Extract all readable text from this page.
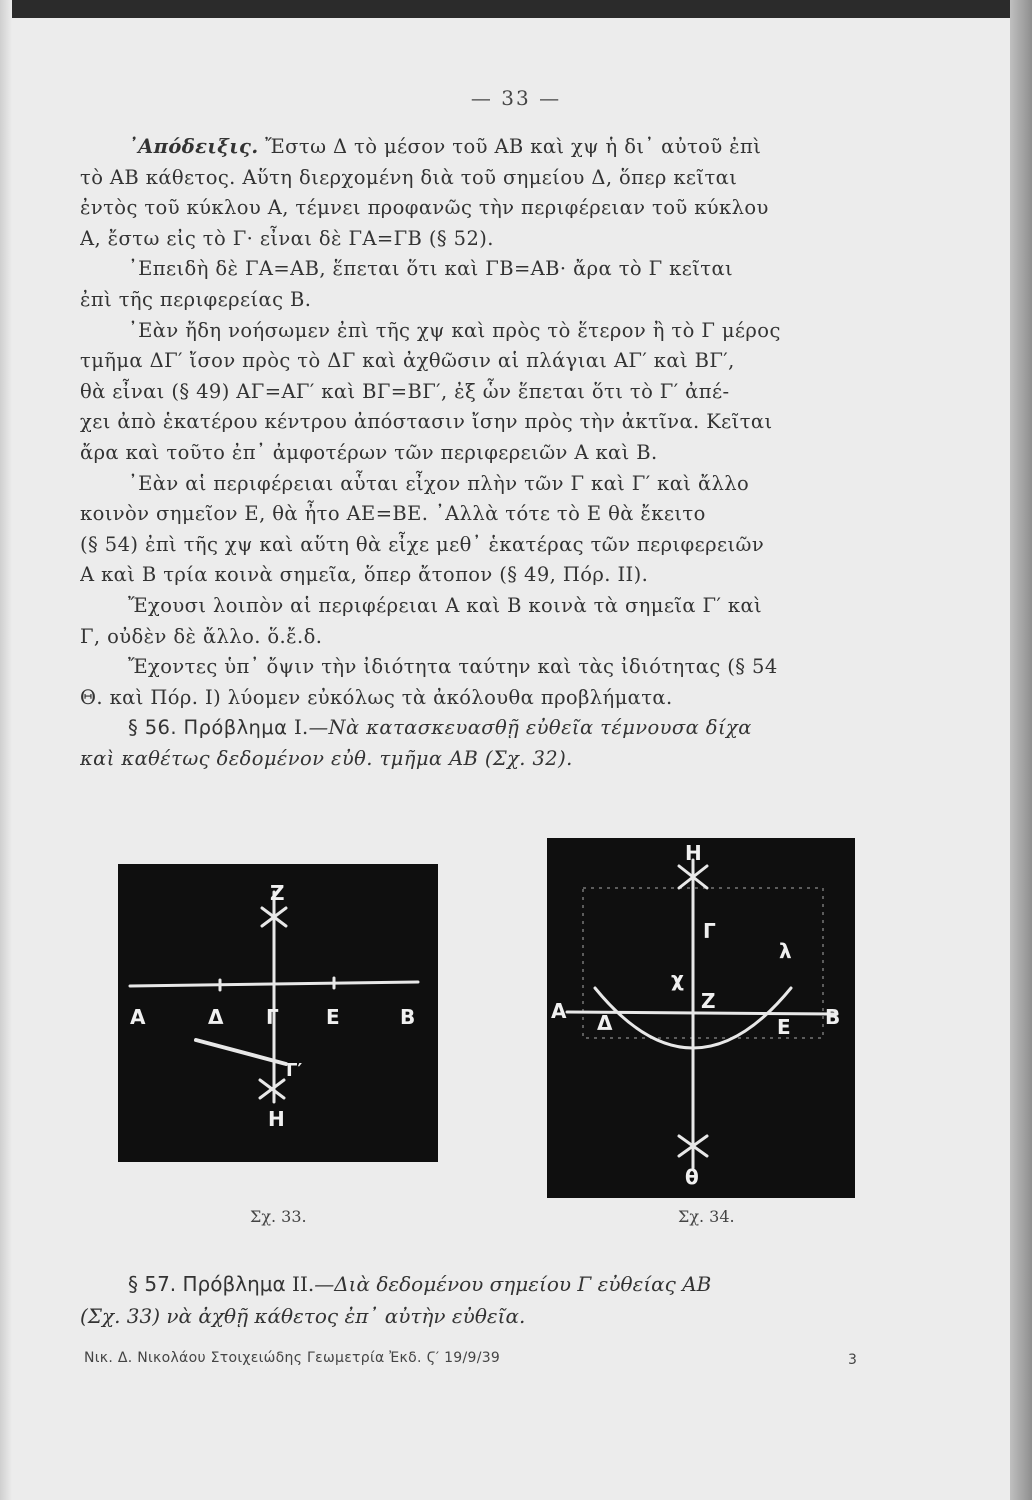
— 33 —
᾿Απόδειξις. Ἔστω Δ τὸ μέσον τοῦ ΑΒ καὶ χψ ἡ δι᾿ αὐτοῦ ἐπὶ
τὸ ΑΒ κάθετος. Αὕτη διερχομένη διὰ τοῦ σημείου Δ, ὅπερ κεῖται
ἐντὸς τοῦ κύκλου Α, τέμνει προφανῶς τὴν περιφέρειαν τοῦ κύκλου
Α, ἔστω εἰς τὸ Γ· εἶναι δὲ ΓΑ=ΓΒ (§ 52).
᾿Επειδὴ δὲ ΓΑ=ΑΒ, ἕπεται ὅτι καὶ ΓΒ=ΑΒ· ἄρα τὸ Γ κεῖται
ἐπὶ τῆς περιφερείας Β.
᾿Εὰν ἤδη νοήσωμεν ἐπὶ τῆς χψ καὶ πρὸς τὸ ἕτερον ἢ τὸ Γ μέρος
τμῆμα ΔΓ′ ἴσον πρὸς τὸ ΔΓ καὶ ἀχθῶσιν αἱ πλάγιαι ΑΓ′ καὶ ΒΓ′,
θὰ εἶναι (§ 49) ΑΓ=ΑΓ′ καὶ ΒΓ=ΒΓ′, ἐξ ὧν ἕπεται ὅτι τὸ Γ′ ἀπέ-
χει ἀπὸ ἑκατέρου κέντρου ἀπόστασιν ἴσην πρὸς τὴν ἀκτῖνα. Κεῖται
ἄρα καὶ τοῦτο ἐπ᾿ ἀμφοτέρων τῶν περιφερειῶν Α καὶ Β.
᾿Εὰν αἱ περιφέρειαι αὗται εἶχον πλὴν τῶν Γ καὶ Γ′ καὶ ἄλλο
κοινὸν σημεῖον Ε, θὰ ἦτο ΑΕ=ΒΕ. ᾿Αλλὰ τότε τὸ Ε θὰ ἔκειτο
(§ 54) ἐπὶ τῆς χψ καὶ αὕτη θὰ εἶχε μεθ᾿ ἑκατέρας τῶν περιφερειῶν
Α καὶ Β τρία κοινὰ σημεῖα, ὅπερ ἄτοπον (§ 49, Πόρ. ΙΙ).
Ἔχουσι λοιπὸν αἱ περιφέρειαι Α καὶ Β κοινὰ τὰ σημεῖα Γ′ καὶ
Γ, οὐδὲν δὲ ἄλλο. ὅ.ἔ.δ.
Ἔχοντες ὑπ᾿ ὄψιν τὴν ἰδιότητα ταύτην καὶ τὰς ἰδιότητας (§ 54
Θ. καὶ Πόρ. Ι) λύομεν εὐκόλως τὰ ἀκόλουθα προβλήματα.
§ 56. Πρόβλημα Ι.—Νὰ κατασκευασθῇ εὐθεῖα τέμνουσα δίχα
καὶ καθέτως δεδομένον εὐθ. τμῆμα ΑΒ (Σχ. 32).
Z
A	Δ Γ E	B
Γ′
H
Σχ. 33.
H
Γ
λ
χ
Z
A Δ	E B
θ
Σχ. 34.
§ 57. Πρόβλημα ΙΙ.—Διὰ δεδομένου σημείου Γ εὐθείας ΑΒ
(Σχ. 33) νὰ ἀχθῇ κάθετος ἐπ᾿ αὐτὴν εὐθεῖα.
Νικ. Δ. Νικολάου Στοιχειώδης Γεωμετρία Ἐκδ. Ϛ′ 19/9/39	3
